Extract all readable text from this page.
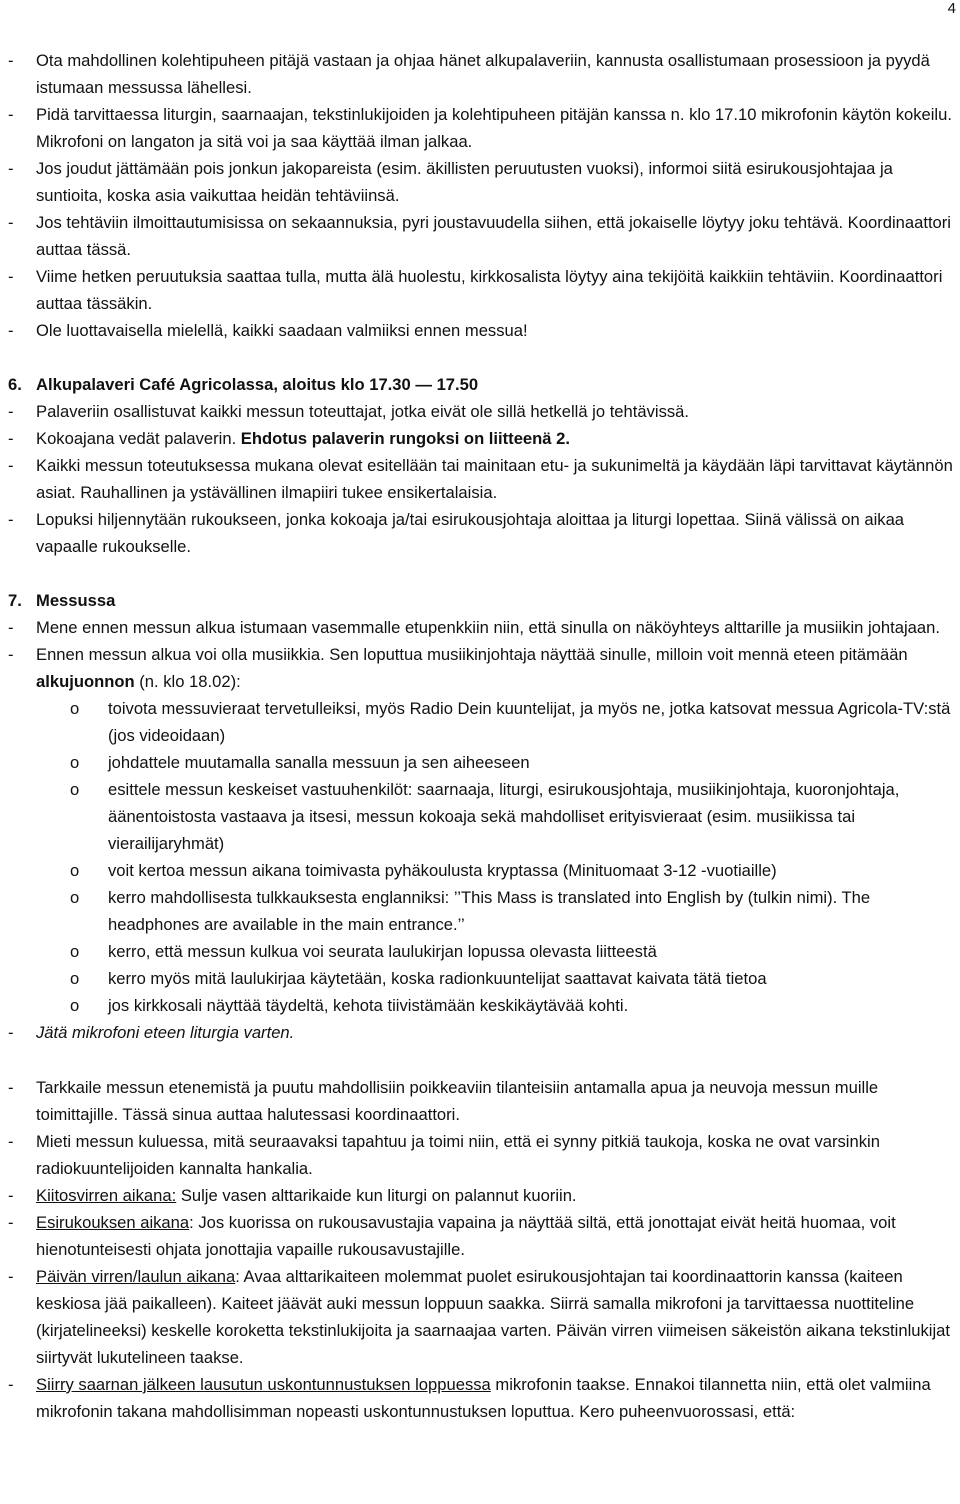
4
- Ota mahdollinen kolehtipuheen pitäjä vastaan ja ohjaa hänet alkupalaveriin, kannusta osallistumaan prosessioon ja pyydä istumaan messussa lähellesi.
- Pidä tarvittaessa liturgin, saarnaajan, tekstinlukijoiden ja kolehtipuheen pitäjän kanssa n. klo 17.10 mikrofonin käytön kokeilu. Mikrofoni on langaton ja sitä voi ja saa käyttää ilman jalkaa.
- Jos joudut jättämään pois jonkun jakopareista (esim. äkillisten peruutusten vuoksi), informoi siitä esirukousjohtajaa ja suntioita, koska asia vaikuttaa heidän tehtäviinsä.
- Jos tehtäviin ilmoittautumisissa on sekaannuksia, pyri joustavuudella siihen, että jokaiselle löytyy joku tehtävä. Koordinaattori auttaa tässä.
- Viime hetken peruutuksia saattaa tulla, mutta älä huolestu, kirkkosalista löytyy aina tekijöitä kaikkiin tehtäviin. Koordinaattori auttaa tässäkin.
- Ole luottavaisella mielellä, kaikki saadaan valmiiksi ennen messua!
6. Alkupalaveri Café Agricolassa, aloitus klo 17.30 ― 17.50
- Palaveriin osallistuvat kaikki messun toteuttajat, jotka eivät ole sillä hetkellä jo tehtävissä.
- Kokoajana vedät palaverin. Ehdotus palaverin rungoksi on liitteenä 2.
- Kaikki messun toteutuksessa mukana olevat esitellään tai mainitaan etu- ja sukunimeltä ja käydään läpi tarvittavat käytännön asiat. Rauhallinen ja ystävällinen ilmapiiri tukee ensikertalaisia.
- Lopuksi hiljennytään rukoukseen, jonka kokoaja ja/tai esirukousjohtaja aloittaa ja liturgi lopettaa. Siinä välissä on aikaa vapaalle rukoukselle.
7. Messussa
- Mene ennen messun alkua istumaan vasemmalle etupenkkiin niin, että sinulla on näköyhteys alttarille ja musiikin johtajaan.
- Ennen messun alkua voi olla musiikkia. Sen loputtua musiikinjohtaja näyttää sinulle, milloin voit mennä eteen pitämään
alkujuonnon (n. klo 18.02):
o toivota messuvieraat tervetulleiksi, myös Radio Dein kuuntelijat, ja myös ne, jotka katsovat messua Agricola-TV:stä (jos videoidaan)
o johdattele muutamalla sanalla messuun ja sen aiheeseen
o esittele messun keskeiset vastuuhenkilöt: saarnaaja, liturgi, esirukousjohtaja, musiikinjohtaja, kuoronjohtaja, äänentoistosta vastaava ja itsesi, messun kokoaja sekä mahdolliset erityisvieraat (esim. musiikissa tai vierailijaryhmät)
o voit kertoa messun aikana toimivasta pyhäkoulusta kryptassa (Minituomaat 3-12 -vuotiaille)
o kerro mahdollisesta tulkkauksesta englanniksi: ’’This Mass is translated into English by (tulkin nimi). The headphones are available in the main entrance.’’
o kerro, että messun kulkua voi seurata laulukirjan lopussa olevasta liitteestä
o kerro myös mitä laulukirjaa käytetään, koska radionkuuntelijat saattavat kaivata tätä tietoa
o jos kirkkosali näyttää täydeltä, kehota tiivistämään keskikäytävää kohti.
- Jätä mikrofoni eteen liturgia varten.
- Tarkkaile messun etenemistä ja puutu mahdollisiin poikkeaviin tilanteisiin antamalla apua ja neuvoja messun muille toimittajille. Tässä sinua auttaa halutessasi koordinaattori.
- Mieti messun kuluessa, mitä seuraavaksi tapahtuu ja toimi niin, että ei synny pitkiä taukoja, koska ne ovat varsinkin radiokuuntelijoiden kannalta hankalia.
- Kiitosvirren aikana: Sulje vasen alttarikaide kun liturgi on palannut kuoriin.
- Esirukouksen aikana: Jos kuorissa on rukousavustajia vapaina ja näyttää siltä, että jonottajat eivät heitä huomaa, voit hienotunteisesti ohjata jonottajia vapaille rukousavustajille.
- Päivän virren/laulun aikana: Avaa alttarikaiteen molemmat puolet esirukousjohtajan tai koordinaattorin kanssa (kaiteen keskiosa jää paikalleen). Kaiteet jäävät auki messun loppuun saakka. Siirrä samalla mikrofoni ja tarvittaessa nuottiteline (kirjatelineeksi) keskelle koroketta tekstinlukijoita ja saarnaajaa varten. Päivän virren viimeisen säkeistön aikana tekstinlukijat siirtyvät lukutelineen taakse.
- Siirry saarnan jälkeen lausutun uskontunnustuksen loppuessa mikrofonin taakse. Ennakoi tilannetta niin, että olet valmiina mikrofonin takana mahdollisimman nopeasti uskontunnustuksen loputtua. Kero puheenvuorossasi, että:
